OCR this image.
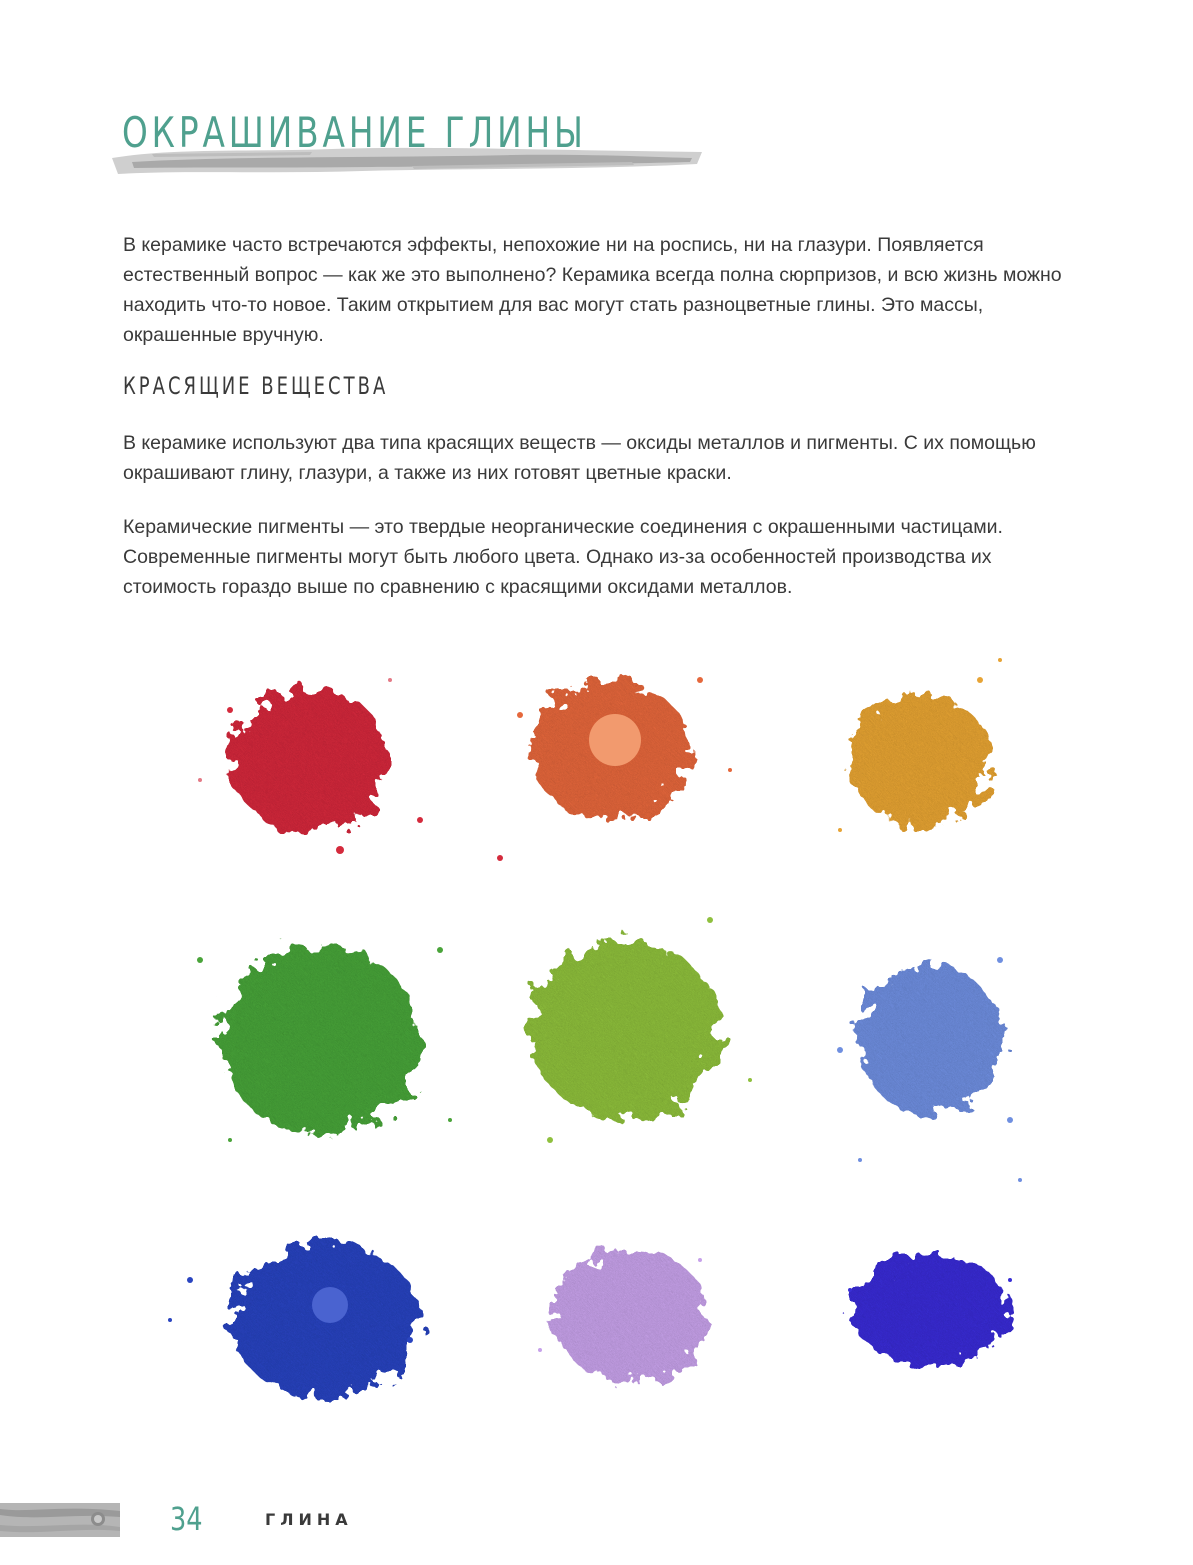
ОКРАШИВАНИЕ ГЛИНЫ

В керамике часто встречаются эффекты, непохожие ни на роспись, ни на глазури. Появляется естественный вопрос — как же это выполнено? Керамика всегда полна сюрпризов, и всю жизнь можно находить что-то новое. Таким открытием для вас могут стать разноцветные глины. Это массы, окрашенные вручную.

КРАСЯЩИЕ ВЕЩЕСТВА

В керамике используют два типа красящих веществ — оксиды металлов и пигменты. С их помощью окрашивают глину, глазури, а также из них готовят цветные краски.

Керамические пигменты — это твердые неорганические соединения с окрашенными частицами. Современные пигменты могут быть любого цвета. Однако из-за особенностей производства их стоимость гораздо выше по сравнению с красящими оксидами металлов.

34	ГЛИНА
